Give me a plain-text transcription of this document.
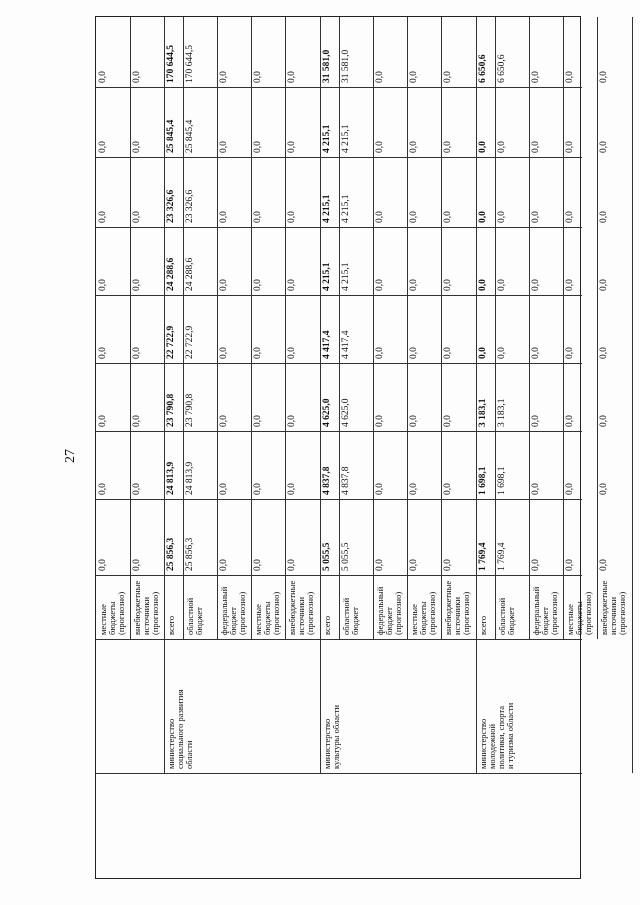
27
0,0
0,0
0,0
0,0
0,0
0,0
0,0
0,0
местные
бюджеты
(прогнозно)
0,0
0,0
0,0
0,0
0,0
0,0
0,0
0,0
внебюджетные
источники
(прогнозно)
170 644,5
25 845,4
23 326,6
24 288,6
22 722,9
23 790,8
24 813,9
25 856,3
всего
170 644,5
25 845,4
23 326,6
24 288,6
22 722,9
23 790,8
24 813,9
25 856,3
областной
бюджет
0,0
0,0
0,0
0,0
0,0
0,0
0,0
0,0
федеральный
бюджет
(прогнозно)
0,0
0,0
0,0
0,0
0,0
0,0
0,0
0,0
местные
бюджеты
(прогнозно)
0,0
0,0
0,0
0,0
0,0
0,0
0,0
0,0
внебюджетные
источники
(прогнозно)
министерство
социального развития
области
31 581,0
4 215,1
4 215,1
4 215,1
4 417,4
4 625,0
4 837,8
5 055,5
всего
31 581,0
4 215,1
4 215,1
4 215,1
4 417,4
4 625,0
4 837,8
5 055,5
областной
бюджет
0,0
0,0
0,0
0,0
0,0
0,0
0,0
0,0
федеральный
бюджет
(прогнозно)
0,0
0,0
0,0
0,0
0,0
0,0
0,0
0,0
местные
бюджеты
(прогнозно)
0,0
0,0
0,0
0,0
0,0
0,0
0,0
0,0
внебюджетные
источники
(прогнозно)
министерство
культуры области
6 650,6
0,0
0,0
0,0
0,0
3 183,1
1 698,1
1 769,4
всего
6 650,6
0,0
0,0
0,0
0,0
3 183,1
1 698,1
1 769,4
областной
бюджет
0,0
0,0
0,0
0,0
0,0
0,0
0,0
0,0
федеральный
бюджет
(прогнозно)
0,0
0,0
0,0
0,0
0,0
0,0
0,0
0,0
местные
бюджеты
(прогнозно)
0,0
0,0
0,0
0,0
0,0
0,0
0,0
0,0
внебюджетные
источники
(прогнозно)
министерство
молодежной
политики, спорта
и туризма области
